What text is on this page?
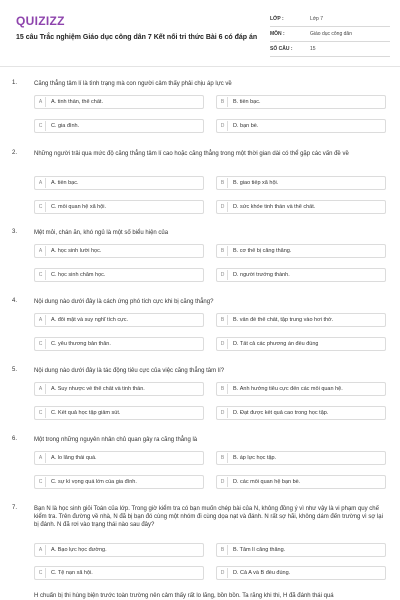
QUIZIZZ
15 câu Trắc nghiệm Giáo dục công dân 7 Kết nối tri thức Bài 6 có đáp án
LỚP :	Lớp 7
MÔN :	Giáo dục công dân
SỐ CÂU :	15
1.	Căng thẳng tâm lí là tình trạng mà con người cảm thấy phải chịu áp lực về
A	A. tinh thần, thể chất.	B	B. tiền bạc.
C	C. gia đình.	D	D. bạn bè.
2.	Những người trải qua mức độ căng thẳng tâm lí cao hoặc căng thẳng trong một thời gian dài có thể gặp các vấn đề về
A	A. tiền bạc.	B	B. giao tiếp xã hội.
C	C. mối quan hệ xã hội.	D	D. sức khỏe tinh thần và thể chất.
3.	Mệt mỏi, chán ăn, khó ngủ là một số biểu hiện của
A	A. học sinh lười học.	B	B. cơ thể bị căng thẳng.
C	C. học sinh chăm học.	D	D. người trưởng thành.
4.	Nội dung nào dưới đây là cách ứng phó tích cực khi bị căng thẳng?
A	A. đổi mặt và suy nghĩ tích cực.	B	B. vấn đề thể chất, tập trung vào hơi thở.
C	C. yêu thương bản thân.	D	D. Tất cả các phương án đều đúng
5.	Nội dung nào dưới đây là tác động tiêu cực của việc căng thẳng tâm lí?
A	A. Suy nhược về thể chất và tinh thần.	B	B. Ảnh hưởng tiêu cực đến các mối quan hệ.
C	C. Kết quả học tập giảm sút.	D	D. Đạt được kết quả cao trong học tập.
6.	Một trong những nguyên nhân chủ quan gây ra căng thẳng là
A	A. lo lắng thái quá.	B	B. áp lực học tập.
C	C. sự kì vọng quá lớn của gia đình.	D	D. các mối quan hệ bạn bè.
7.	Bạn N là học sinh giỏi Toán của lớp. Trong giờ kiểm tra có bạn muốn chép bài của N, không đồng ý vì như vậy là vi phạm quy chế kiểm tra. Trên đường về nhà, N đã bị bạn đó cùng một nhóm đi cùng dọa nạt và đánh. N rất sợ hãi, không dám đến trường vì sợ lại bị đánh. N đã rơi vào trạng thái nào sau đây?
A	A. Bạo lực học đường.	B	B. Tâm lí căng thẳng.
C	C. Tệ nạn xã hội.	D	D. Cả A và B đều đúng.
H chuẩn bị thi hùng biện trước toàn trường nên cảm thấy rất lo lắng, bồn bồn. Ta rằng khi thi, H đã đánh thái quá
